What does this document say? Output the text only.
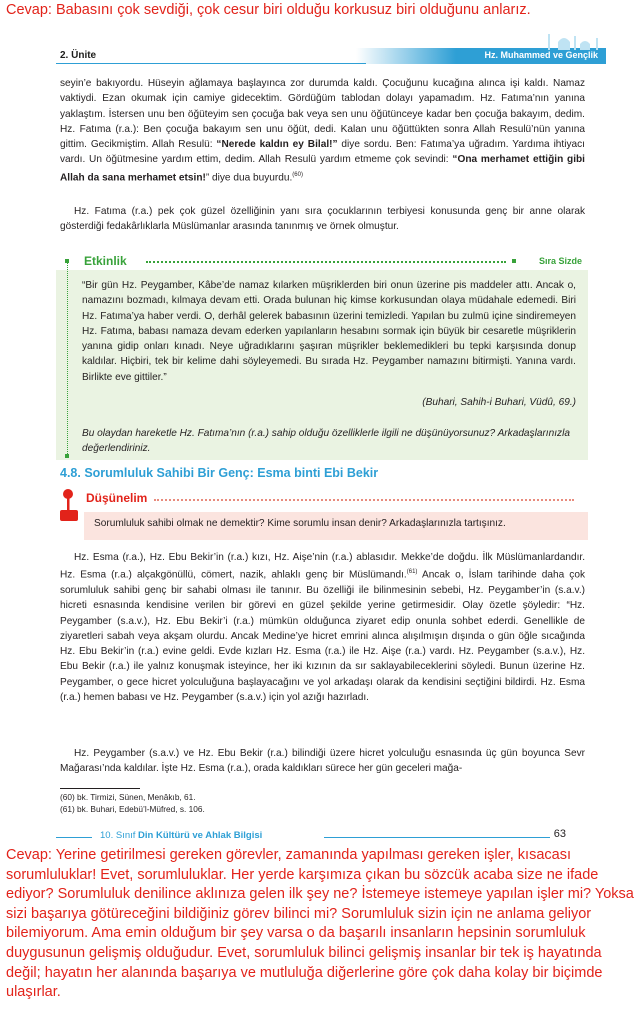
Cevap: Babasını çok sevdiği, çok cesur biri olduğu korkusuz biri olduğunu anlarız.
2. Ünite	Hz. Muhammed ve Gençlik
seyin’e bakıyordu. Hüseyin ağlamaya başlayınca zor durumda kaldı. Çocuğunu kucağına alınca işi kaldı. Namaz vaktiydi. Ezan okumak için camiye gidecektim. Gördüğüm tablodan dolayı yapamadım. Hz. Fatıma’nın yanına yaklaştım. İstersen unu ben öğüteyim sen çocuğa bak veya sen unu öğütünceye kadar ben çocuğa bakayım, dedim. Hz. Fatıma (r.a.): Ben çocuğa bakayım sen unu öğüt, dedi. Kalan unu öğüttükten sonra Allah Resulü’nün yanına gittim. Gecikmiştim. Allah Resulü: “Nerede kaldın ey Bilal!” diye sordu. Ben: Fatıma’ya uğradım. Yardıma ihtiyacı vardı. Un öğütmesine yardım ettim, dedim. Allah Resulü yardım etmeme çok sevindi: “Ona merhamet ettiğin gibi Allah da sana merhamet etsin!” diye dua buyurdu.$^{(60)}$
Hz. Fatıma (r.a.) pek çok güzel özelliğinin yanı sıra çocuklarının terbiyesi konusunda genç bir anne olarak gösterdiği fedakârlıklarla Müslümanlar arasında tanınmış ve örnek olmuştur.
Etkinlik	Sıra Sizde
“Bir gün Hz. Peygamber, Kâbe’de namaz kılarken müşriklerden biri onun üzerine pis maddeler attı. Ancak o, namazını bozmadı, kılmaya devam etti. Orada bulunan hiç kimse korkusundan olaya müdahale edemedi. Biri Hz. Fatıma’ya haber verdi. O, derhâl gelerek babasının üzerini temizledi. Yapılan bu zulmü içine sindiremeyen Hz. Fatıma, babası namaza devam ederken yapılanların hesabını sormak için büyük bir cesaretle müşriklerin yanına gidip onları kınadı. Neye uğradıklarını şaşıran müşrikler beklemedikleri bu tepki karşısında donup kaldılar. Hiçbiri, tek bir kelime dahi söyleyemedi. Bu sırada Hz. Peygamber namazını bitirmişti. Yanına vardı. Birlikte eve gittiler.”
(Buhari, Sahih-i Buhari, Vüdû, 69.)
Bu olaydan hareketle Hz. Fatıma’nın (r.a.) sahip olduğu özelliklerle ilgili ne düşünüyorsunuz? Arkadaşlarınızla değerlendiriniz.
4.8. Sorumluluk Sahibi Bir Genç: Esma binti Ebi Bekir
Düşünelim
Sorumluluk sahibi olmak ne demektir? Kime sorumlu insan denir? Arkadaşlarınızla tartışınız.
Hz. Esma (r.a.), Hz. Ebu Bekir’in (r.a.) kızı, Hz. Aişe’nin (r.a.) ablasıdır. Mekke’de doğdu. İlk Müslümanlardandır. Hz. Esma (r.a.) alçakgönüllü, cömert, nazik, ahlaklı genç bir Müslümandı.$^{(61)}$ Ancak o, İslam tarihinde daha çok sorumluluk sahibi genç bir sahabi olması ile tanınır. Bu özelliği ile bilinmesinin sebebi, Hz. Peygamber’in (s.a.v.) hicreti esnasında kendisine verilen bir görevi en güzel şekilde yerine getirmesidir. Olay özetle şöyledir: “Hz. Peygamber (s.a.v.), Hz. Ebu Bekir’i (r.a.) mümkün olduğunca ziyaret edip onunla sohbet ederdi. Genellikle de ziyaretleri sabah veya akşam olurdu. Ancak Medine’ye hicret emrini alınca alışılmışın dışında o gün öğle sıcağında Hz. Ebu Bekir’in (r.a.) evine geldi. Evde kızları Hz. Esma (r.a.) ile Hz. Aişe (r.a.) vardı. Hz. Peygamber (s.a.v.), Hz. Ebu Bekir (r.a.) ile yalnız konuşmak isteyince, her iki kızının da sır saklayabileceklerini söyledi. Bunun üzerine Hz. Peygamber, o gece hicret yolculuğuna başlayacağını ve yol arkadaşı olarak da kendisini seçtiğini bildirdi. Hz. Esma (r.a.) hemen babası ve Hz. Peygamber (s.a.v.) için yol azığı hazırladı.
Hz. Peygamber (s.a.v.) ve Hz. Ebu Bekir (r.a.) bilindiği üzere hicret yolculuğu esnasında üç gün boyunca Sevr Mağarası’nda kaldılar. İşte Hz. Esma (r.a.), orada kaldıkları sürece her gün geceleri mağa-
(60) bk. Tirmizi, Sünen, Menâkıb, 61.
(61) bk. Buhari, Edebü’l-Müfred, s. 106.
10. Sınıf Din Kültürü ve Ahlak Bilgisi	63
Cevap: Yerine getirilmesi gereken görevler, zamanında yapılması gereken işler, kısacası sorumluluklar! Evet, sorumluluklar. Her yerde karşımıza çıkan bu sözcük acaba size ne ifade ediyor? Sorumluluk denilince aklınıza gelen ilk şey ne? İstemeye istemeye yapılan işler mi? Yoksa sizi başarıya götüreceğini bildiğiniz görev bilinci mi? Sorumluluk sizin için ne anlama geliyor bilemiyorum. Ama emin olduğum bir şey varsa o da başarılı insanların hepsinin sorumluluk duygusunun gelişmiş olduğudur. Evet, sorumluluk bilinci gelişmiş insanlar bir tek iş hayatında değil; hayatın her alanında başarıya ve mutluluğa diğerlerine göre çok daha kolay bir biçimde ulaşırlar.
